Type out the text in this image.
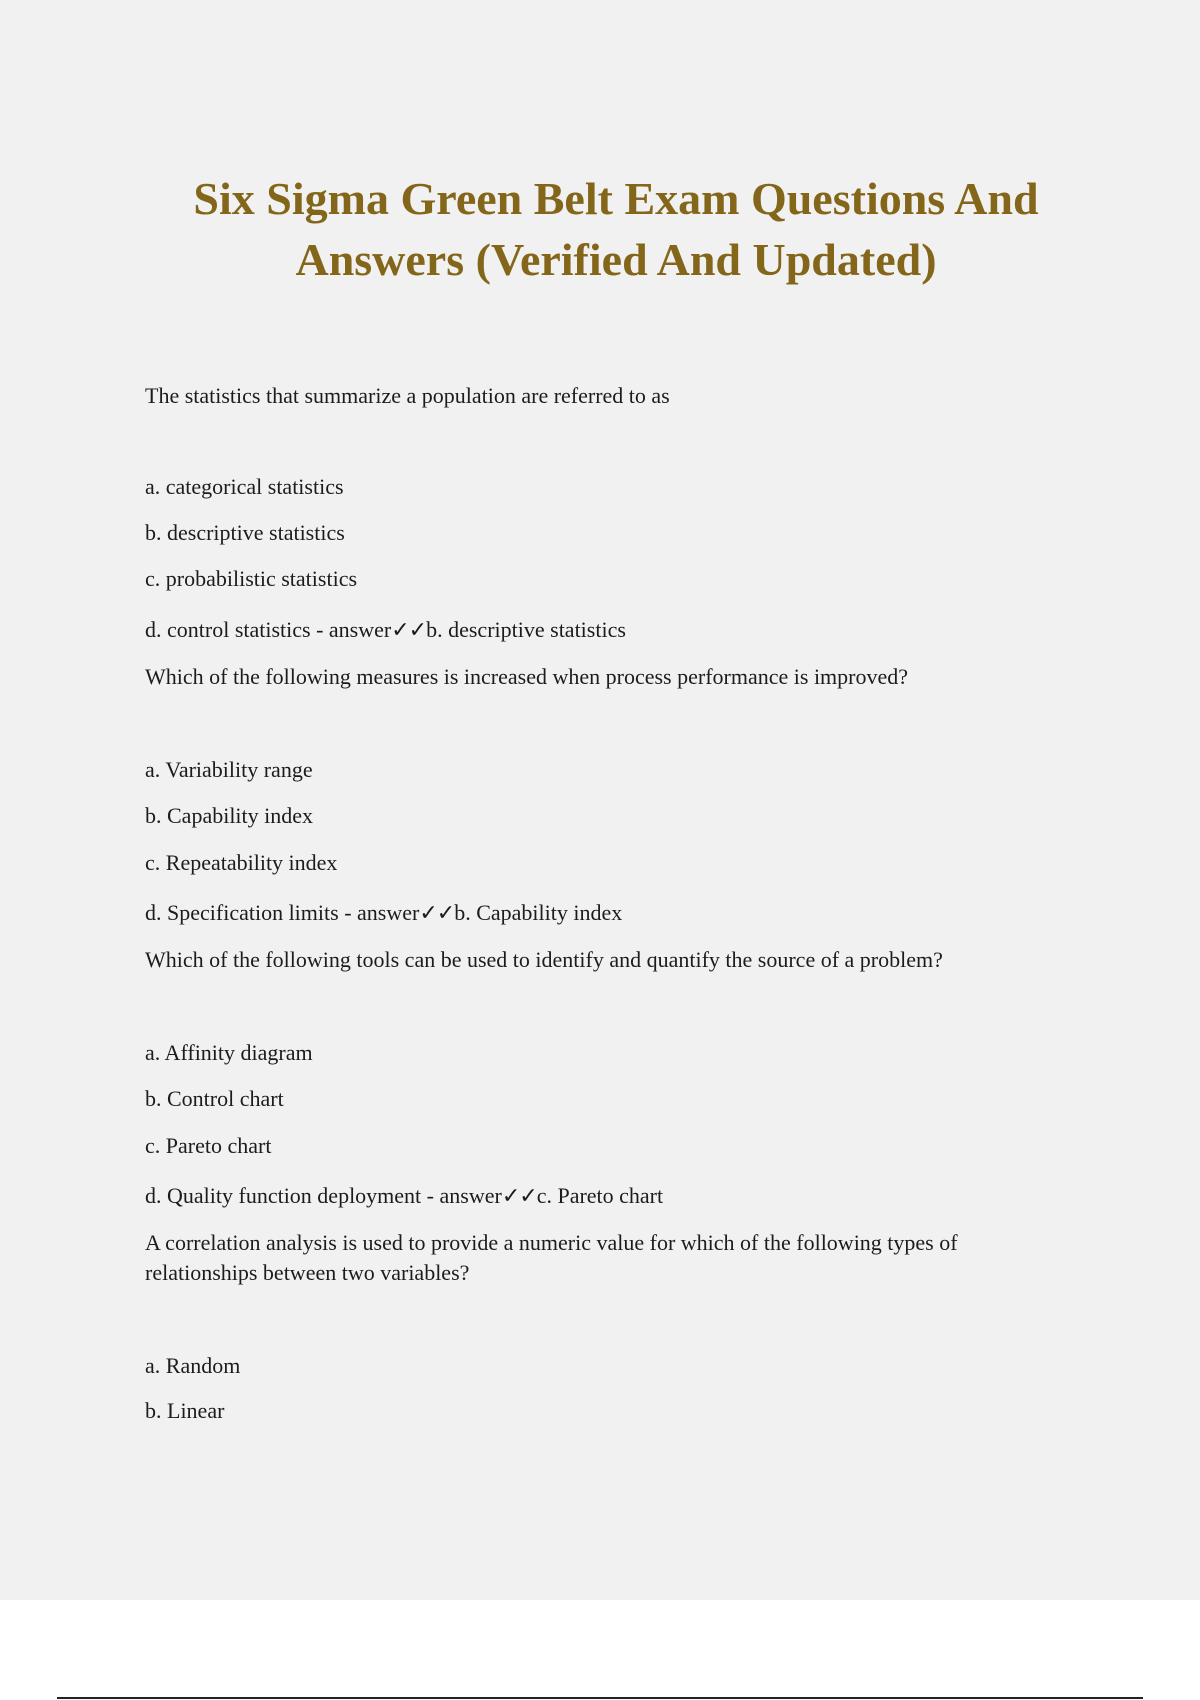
Six Sigma Green Belt Exam Questions And
Answers (Verified And Updated)

The statistics that summarize a population are referred to as

a. categorical statistics

b. descriptive statistics

c. probabilistic statistics

d. control statistics - answer✓✓b. descriptive statistics

Which of the following measures is increased when process performance is improved?

a. Variability range

b. Capability index

c. Repeatability index

d. Specification limits - answer✓✓b. Capability index

Which of the following tools can be used to identify and quantify the source of a problem?

a. Affinity diagram

b. Control chart

c. Pareto chart

d. Quality function deployment - answer✓✓c. Pareto chart

A correlation analysis is used to provide a numeric value for which of the following types of relationships between two variables?

a. Random

b. Linear
